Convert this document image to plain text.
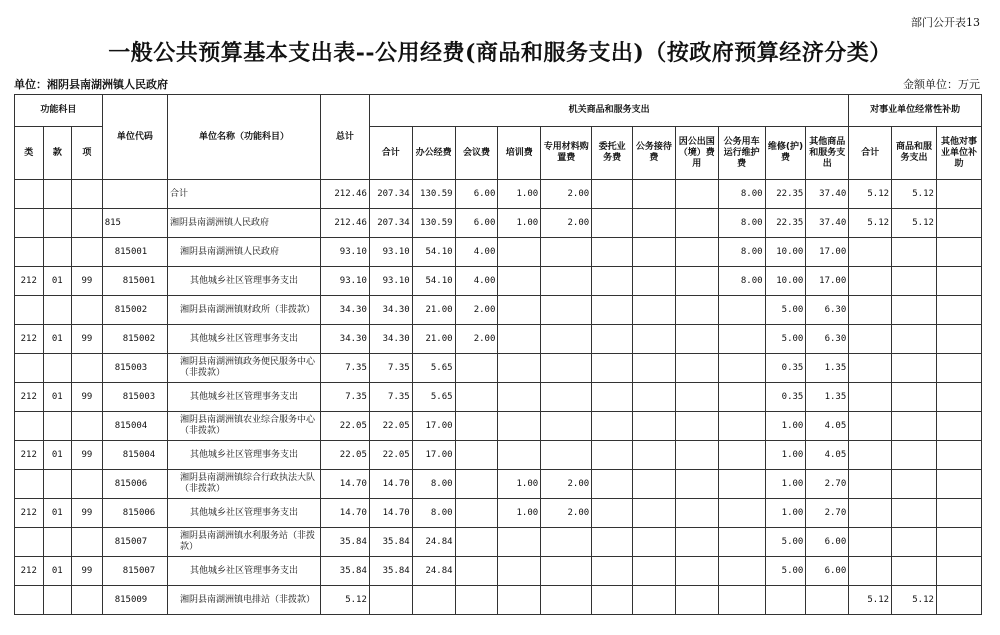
部门公开表13
一般公共预算基本支出表--公用经费(商品和服务支出)（按政府预算经济分类）
单位：湘阴县南湖洲镇人民政府	金额单位：万元
功能科目			单位代码	单位名称（功能科目）	总计	机关商品和服务支出											对事业单位经常性补助		
类	款	项				合计	办公经费	会议费	培训费	专用材料购置费	委托业务费	公务接待费	因公出国（境）费用	公务用车运行维护费	维修(护)费	其他商品和服务支出	合计	商品和服务支出	其他对事业单位补助
				合计	212.46	207.34	130.59	6.00	1.00	2.00				8.00	22.35	37.40	5.12	5.12	
			815	湘阴县南湖洲镇人民政府	212.46	207.34	130.59	6.00	1.00	2.00				8.00	22.35	37.40	5.12	5.12	
			815001	湘阴县南湖洲镇人民政府	93.10	93.10	54.10	4.00						8.00	10.00	17.00			
212	01	99	815001	其他城乡社区管理事务支出	93.10	93.10	54.10	4.00						8.00	10.00	17.00			
			815002	湘阴县南湖洲镇财政所（非拨款）	34.30	34.30	21.00	2.00							5.00	6.30			
212	01	99	815002	其他城乡社区管理事务支出	34.30	34.30	21.00	2.00							5.00	6.30			
			815003	湘阴县南湖洲镇政务便民服务中心（非拨款）	7.35	7.35	5.65								0.35	1.35			
212	01	99	815003	其他城乡社区管理事务支出	7.35	7.35	5.65								0.35	1.35			
			815004	湘阴县南湖洲镇农业综合服务中心（非拨款）	22.05	22.05	17.00								1.00	4.05			
212	01	99	815004	其他城乡社区管理事务支出	22.05	22.05	17.00								1.00	4.05			
			815006	湘阴县南湖洲镇综合行政执法大队（非拨款）	14.70	14.70	8.00		1.00	2.00					1.00	2.70			
212	01	99	815006	其他城乡社区管理事务支出	14.70	14.70	8.00		1.00	2.00					1.00	2.70			
			815007	湘阴县南湖洲镇水利服务站（非拨款）	35.84	35.84	24.84								5.00	6.00			
212	01	99	815007	其他城乡社区管理事务支出	35.84	35.84	24.84								5.00	6.00			
			815009	湘阴县南湖洲镇电排站（非拨款）	5.12												5.12	5.12	
